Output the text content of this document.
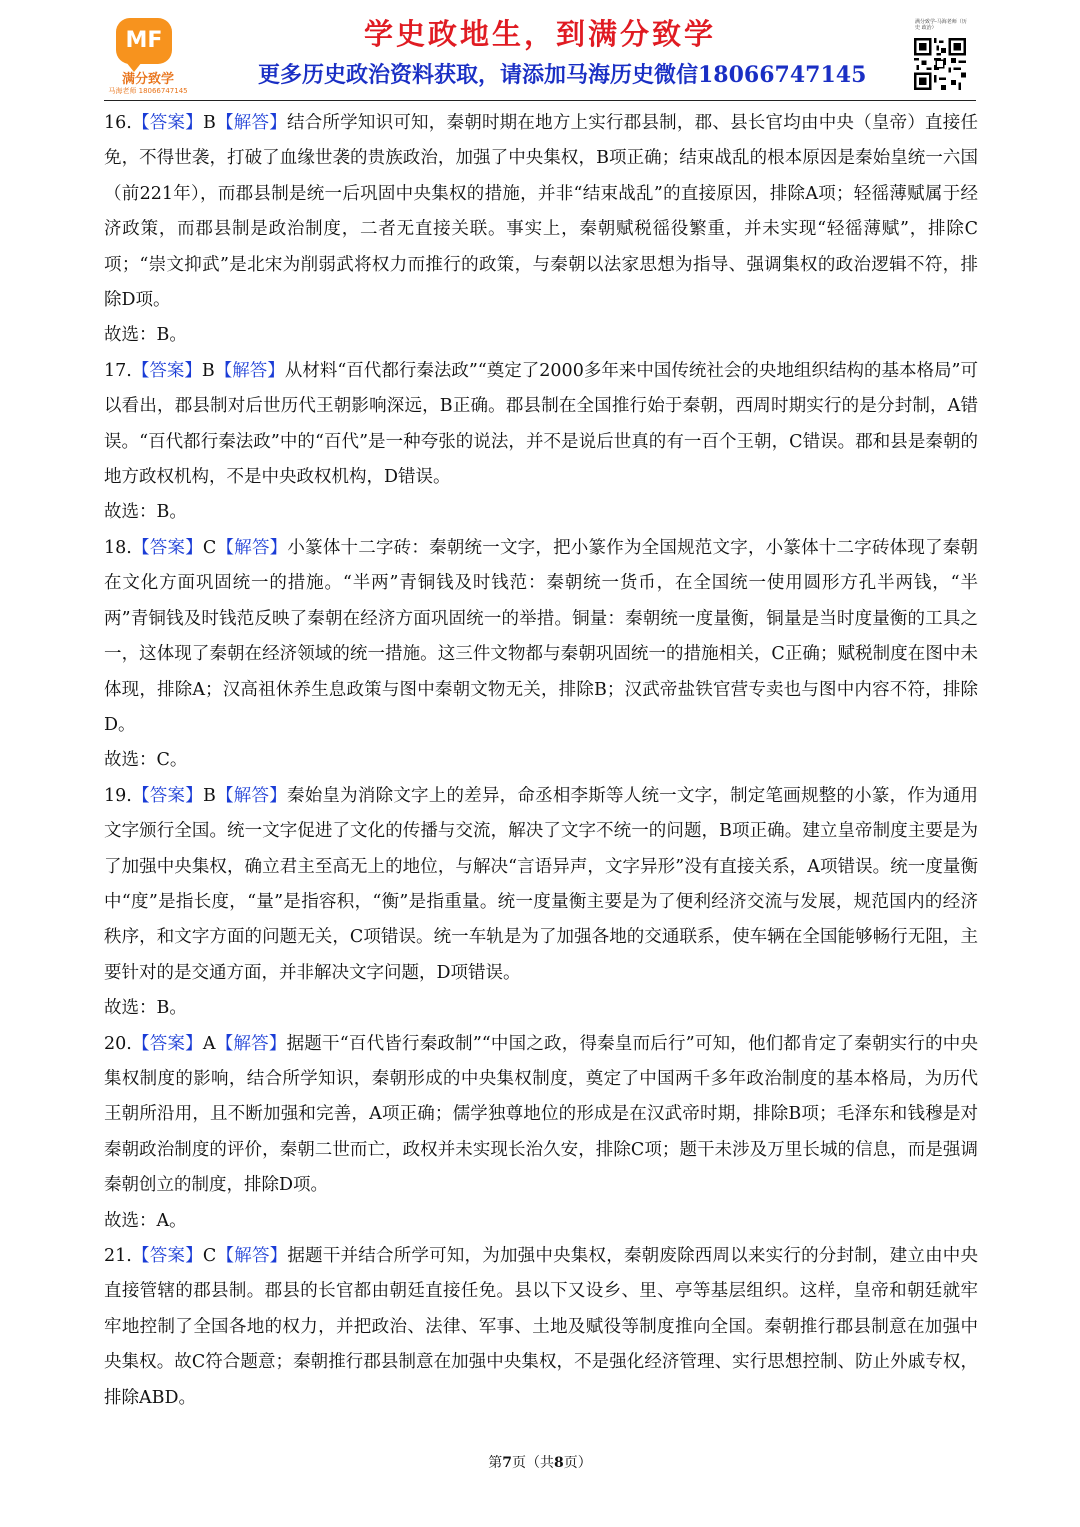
MF
满分致学
马海老师 18066747145
学史政地生，到满分致学
更多历史政治资料获取，请添加马海历史微信18066747145
满分致学-马海老师（历史 政治）

16.【答案】B【解答】结合所学知识可知，秦朝时期在地方上实行郡县制，郡、县长官均由中央（皇帝）直接任免，不得世袭，打破了血缘世袭的贵族政治，加强了中央集权，B项正确；结束战乱的根本原因是秦始皇统一六国（前221年），而郡县制是统一后巩固中央集权的措施，并非“结束战乱”的直接原因，排除A项；轻徭薄赋属于经济政策，而郡县制是政治制度，二者无直接关联。事实上，秦朝赋税徭役繁重，并未实现“轻徭薄赋”，排除C项；“崇文抑武”是北宋为削弱武将权力而推行的政策，与秦朝以法家思想为指导、强调集权的政治逻辑不符，排除D项。

故选：B。

17.【答案】B【解答】从材料“百代都行秦法政”“奠定了2000多年来中国传统社会的央地组织结构的基本格局”可以看出，郡县制对后世历代王朝影响深远，B正确。郡县制在全国推行始于秦朝，西周时期实行的是分封制，A错误。“百代都行秦法政”中的“百代”是一种夸张的说法，并不是说后世真的有一百个王朝，C错误。郡和县是秦朝的地方政权机构，不是中央政权机构，D错误。

故选：B。

18.【答案】C【解答】小篆体十二字砖：秦朝统一文字，把小篆作为全国规范文字，小篆体十二字砖体现了秦朝在文化方面巩固统一的措施。“半两”青铜钱及时钱范：秦朝统一货币，在全国统一使用圆形方孔半两钱，“半两”青铜钱及时钱范反映了秦朝在经济方面巩固统一的举措。铜量：秦朝统一度量衡，铜量是当时度量衡的工具之一，这体现了秦朝在经济领域的统一措施。这三件文物都与秦朝巩固统一的措施相关，C正确；赋税制度在图中未体现，排除A；汉高祖休养生息政策与图中秦朝文物无关，排除B；汉武帝盐铁官营专卖也与图中内容不符，排除D。

故选：C。

19.【答案】B【解答】秦始皇为消除文字上的差异，命丞相李斯等人统一文字，制定笔画规整的小篆，作为通用文字颁行全国。统一文字促进了文化的传播与交流，解决了文字不统一的问题，B项正确。建立皇帝制度主要是为了加强中央集权，确立君主至高无上的地位，与解决“言语异声，文字异形”没有直接关系，A项错误。统一度量衡中“度”是指长度，“量”是指容积，“衡”是指重量。统一度量衡主要是为了便利经济交流与发展，规范国内的经济秩序，和文字方面的问题无关，C项错误。统一车轨是为了加强各地的交通联系，使车辆在全国能够畅行无阻，主要针对的是交通方面，并非解决文字问题，D项错误。

故选：B。

20.【答案】A【解答】据题干“百代皆行秦政制”“中国之政，得秦皇而后行”可知，他们都肯定了秦朝实行的中央集权制度的影响，结合所学知识，秦朝形成的中央集权制度，奠定了中国两千多年政治制度的基本格局，为历代王朝所沿用，且不断加强和完善，A项正确；儒学独尊地位的形成是在汉武帝时期，排除B项；毛泽东和钱穆是对秦朝政治制度的评价，秦朝二世而亡，政权并未实现长治久安，排除C项；题干未涉及万里长城的信息，而是强调秦朝创立的制度，排除D项。

故选：A。

21.【答案】C【解答】据题干并结合所学可知，为加强中央集权，秦朝废除西周以来实行的分封制，建立由中央直接管辖的郡县制。郡县的长官都由朝廷直接任免。县以下又设乡、里、亭等基层组织。这样，皇帝和朝廷就牢牢地控制了全国各地的权力，并把政治、法律、军事、土地及赋役等制度推向全国。秦朝推行郡县制意在加强中央集权。故C符合题意；秦朝推行郡县制意在加强中央集权，不是强化经济管理、实行思想控制、防止外戚专权，排除ABD。

第7页（共8页）
